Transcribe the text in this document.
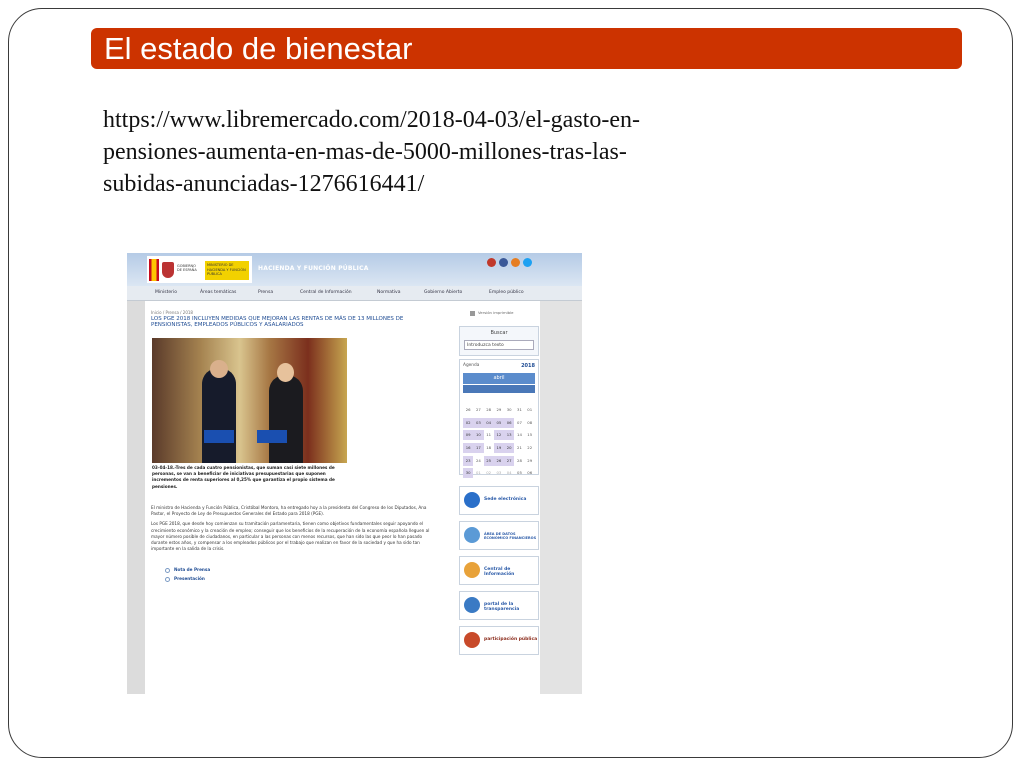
El estado de bienestar
https://www.libremercado.com/2018-04-03/el-gasto-en-
pensiones-aumenta-en-mas-de-5000-millones-tras-las-
subidas-anunciadas-1276616441/
GOBIERNO DE ESPAÑA
MINISTERIO DE HACIENDA Y FUNCIÓN PÚBLICA
HACIENDA Y FUNCIÓN PÚBLICA
Ministerio	Áreas temáticas	Prensa	Central de Información	Normativa	Gobierno Abierto	Empleo público
Inicio / Prensa / 2018
LOS PGE 2018 INCLUYEN MEDIDAS QUE MEJORAN LAS RENTAS DE MÁS DE 13 MILLONES DE PENSIONISTAS, EMPLEADOS PÚBLICOS Y ASALARIADOS
Versión imprimible
03-04-18.-Tres de cada cuatro pensionistas, que suman casi siete millones de personas, se van a beneficiar de iniciativas presupuestarias que suponen incrementos de renta superiores al 0,25% que garantiza el propio sistema de pensiones.

El ministro de Hacienda y Función Pública, Cristóbal Montoro, ha entregado hoy a la presidenta del Congreso de los Diputados, Ana Pastor, el Proyecto de Ley de Presupuestos Generales del Estado para 2018 (PGE).

Los PGE 2018, que desde hoy comienzan su tramitación parlamentaria, tienen como objetivos fundamentales seguir apoyando el crecimiento económico y la creación de empleo; conseguir que los beneficios de la recuperación de la economía española lleguen al mayor número posible de ciudadanos, en particular a las personas con menos recursos, que han sido las que peor lo han pasado durante estos años, y compensar a los empleados públicos por el trabajo que realizan en favor de la sociedad y que ha sido tan importante en la salida de la crisis.

Nota de Prensa
Presentación
Buscar
Introduzca texto
Agenda	2018
abril
LU MA MI JU VI SÁ DO
26 27 28 29 30 31 01
02 03 04 05 06 07 08
09 10 11 12 13 14 15
16 17 18 19 20 21 22
23 24 25 26 27 28 29
30 01 02 03 04 05 06
Sede electrónica
ÁREA DE DATOS ECONÓMICO FINANCIEROS
Central de Información
portal de la transparencia
participación pública
